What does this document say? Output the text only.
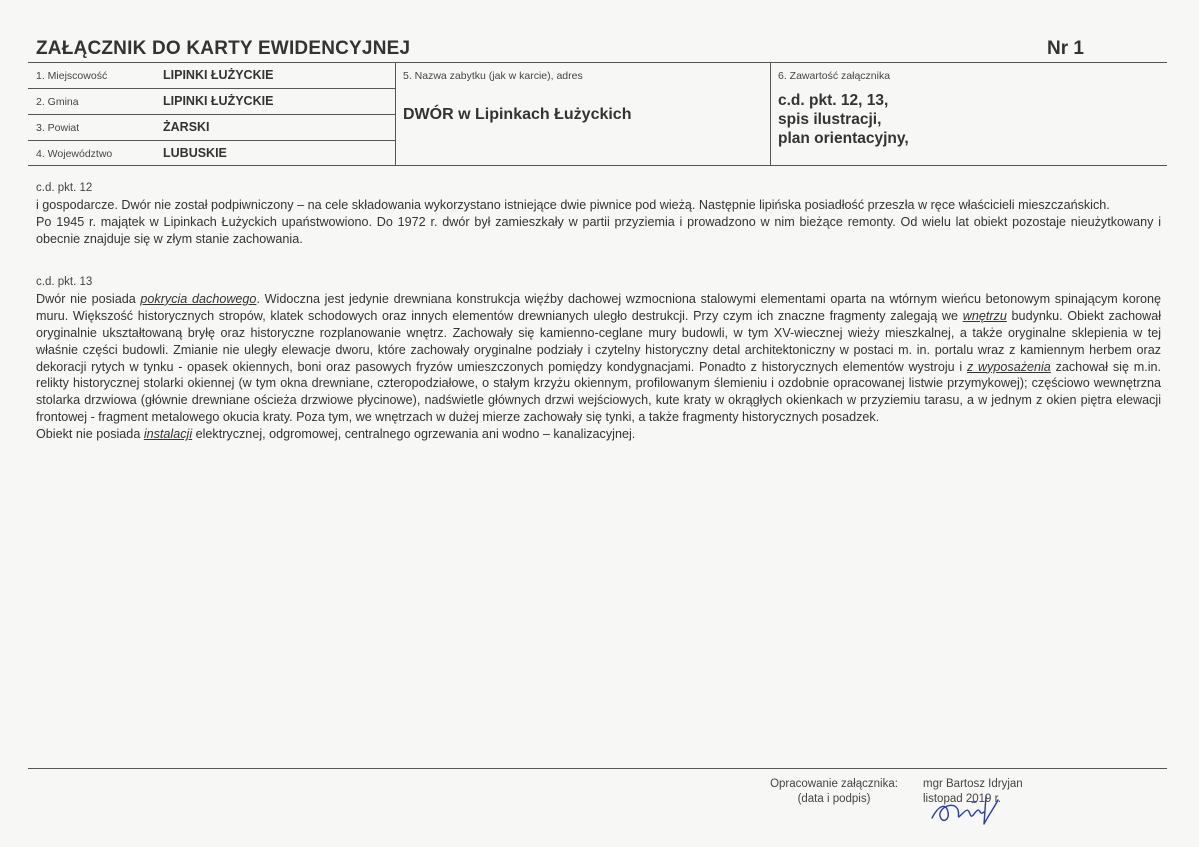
ZAŁĄCZNIK DO KARTY EWIDENCYJNEJ	Nr 1
1. Miejscowość	LIPINKI ŁUŻYCKIE
2. Gmina	LIPINKI ŁUŻYCKIE
3. Powiat	ŻARSKI
4. Województwo	LUBUSKIE
5. Nazwa zabytku (jak w karcie), adres
DWÓR w Lipinkach Łużyckich
6. Zawartość załącznika
c.d. pkt. 12, 13,
spis ilustracji,
plan orientacyjny,
c.d. pkt. 12

i gospodarcze. Dwór nie został podpiwniczony – na cele składowania wykorzystano istniejące dwie piwnice pod wieżą. Następnie lipińska posiadłość przeszła w ręce właścicieli mieszczańskich.

Po 1945 r. majątek w Lipinkach Łużyckich upaństwowiono. Do 1972 r. dwór był zamieszkały w partii przyziemia i prowadzono w nim bieżące remonty. Od wielu lat obiekt pozostaje nieużytkowany i obecnie znajduje się w złym stanie zachowania.

c.d. pkt. 13

Dwór nie posiada pokrycia dachowego. Widoczna jest jedynie drewniana konstrukcja więźby dachowej wzmocniona stalowymi elementami oparta na wtórnym wieńcu betonowym spinającym koronę muru. Większość historycznych stropów, klatek schodowych oraz innych elementów drewnianych uległo destrukcji. Przy czym ich znaczne fragmenty zalegają we wnętrzu budynku. Obiekt zachował oryginalnie ukształtowaną bryłę oraz historyczne rozplanowanie wnętrz. Zachowały się kamienno-ceglane mury budowli, w tym XV-wiecznej wieży mieszkalnej, a także oryginalne sklepienia w tej właśnie części budowli. Zmianie nie uległy elewacje dworu, które zachowały oryginalne podziały i czytelny historyczny detal architektoniczny w postaci m. in. portalu wraz z kamiennym herbem oraz dekoracji rytych w tynku - opasek okiennych, boni oraz pasowych fryzów umieszczonych pomiędzy kondygnacjami. Ponadto z historycznych elementów wystroju i z wyposażenia zachował się m.in. relikty historycznej stolarki okiennej (w tym okna drewniane, czteropodziałowe, o stałym krzyżu okiennym, profilowanym ślemieniu i ozdobnie opracowanej listwie przymykowej); częściowo wewnętrzna stolarka drzwiowa (głównie drewniane ościeża drzwiowe płycinowe), nadświetle głównych drzwi wejściowych, kute kraty w okrągłych okienkach w przyziemiu tarasu, a w jednym z okien piętra elewacji frontowej - fragment metalowego okucia kraty. Poza tym, we wnętrzach w dużej mierze zachowały się tynki, a także fragmenty historycznych posadzek.

Obiekt nie posiada instalacji elektrycznej, odgromowej, centralnego ogrzewania ani wodno – kanalizacyjnej.

Opracowanie załącznika:
(data i podpis)
mgr Bartosz Idryjan
listopad 2019 r.
